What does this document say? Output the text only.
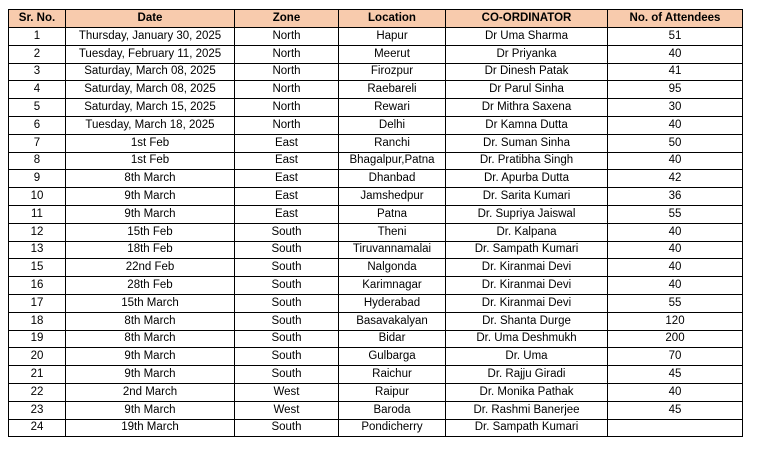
Sr. No.	Date	Zone	Location	CO-ORDINATOR	No. of Attendees
1	Thursday, January 30, 2025	North	Hapur	Dr Uma Sharma	51
2	Tuesday, February 11, 2025	North	Meerut	Dr Priyanka	40
3	Saturday, March 08, 2025	North	Firozpur	Dr Dinesh Patak	41
4	Saturday, March 08, 2025	North	Raebareli	Dr Parul Sinha	95
5	Saturday, March 15, 2025	North	Rewari	Dr Mithra Saxena	30
6	Tuesday, March 18, 2025	North	Delhi	Dr Kamna Dutta	40
7	1st Feb	East	Ranchi	Dr. Suman Sinha	50
8	1st Feb	East	Bhagalpur,Patna	Dr. Pratibha Singh	40
9	8th March	East	Dhanbad	Dr. Apurba Dutta	42
10	9th March	East	Jamshedpur	Dr. Sarita Kumari	36
11	9th March	East	Patna	Dr. Supriya Jaiswal	55
12	15th Feb	South	Theni	Dr. Kalpana	40
13	18th Feb	South	Tiruvannamalai	Dr. Sampath Kumari	40
15	22nd Feb	South	Nalgonda	Dr. Kiranmai Devi	40
16	28th Feb	South	Karimnagar	Dr. Kiranmai Devi	40
17	15th March	South	Hyderabad	Dr. Kiranmai Devi	55
18	8th March	South	Basavakalyan	Dr. Shanta Durge	120
19	8th March	South	Bidar	Dr. Uma Deshmukh	200
20	9th March	South	Gulbarga	Dr. Uma	70
21	9th March	South	Raichur	Dr. Rajju Giradi	45
22	2nd March	West	Raipur	Dr. Monika Pathak	40
23	9th March	West	Baroda	Dr. Rashmi Banerjee	45
24	19th March	South	Pondicherry	Dr. Sampath Kumari	
